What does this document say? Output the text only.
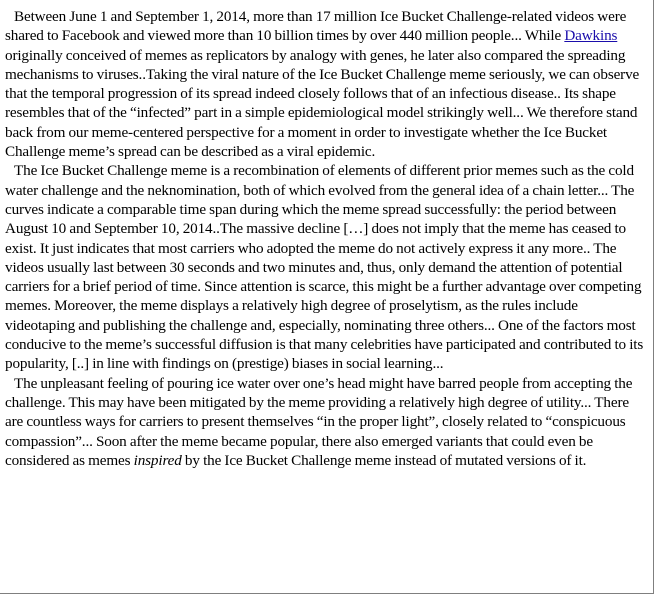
Between June 1 and September 1, 2014, more than 17 million Ice Bucket Challenge-related videos were shared to Facebook and viewed more than 10 billion times by over 440 million people... While Dawkins originally conceived of memes as replicators by analogy with genes, he later also compared the spreading mechanisms to viruses..Taking the viral nature of the Ice Bucket Challenge meme seriously, we can observe that the temporal progression of its spread indeed closely follows that of an infectious disease.. Its shape resembles that of the “infected” part in a simple epidemiological model strikingly well... We therefore stand back from our meme-centered perspective for a moment in order to investigate whether the Ice Bucket Challenge meme’s spread can be described as a viral epidemic.

The Ice Bucket Challenge meme is a recombination of elements of different prior memes such as the cold water challenge and the neknomination, both of which evolved from the general idea of a chain letter... The curves indicate a comparable time span during which the meme spread successfully: the period between August 10 and September 10, 2014..The massive decline […] does not imply that the meme has ceased to exist. It just indicates that most carriers who adopted the meme do not actively express it any more.. The videos usually last between 30 seconds and two minutes and, thus, only demand the attention of potential carriers for a brief period of time. Since attention is scarce, this might be a further advantage over competing memes. Moreover, the meme displays a relatively high degree of proselytism, as the rules include videotaping and publishing the challenge and, especially, nominating three others... One of the factors most conducive to the meme’s successful diffusion is that many celebrities have participated and contributed to its popularity, [..] in line with findings on (prestige) biases in social learning...

The unpleasant feeling of pouring ice water over one’s head might have barred people from accepting the challenge. This may have been mitigated by the meme providing a relatively high degree of utility... There are countless ways for carriers to present themselves “in the proper light”, closely related to “conspicuous compassion”... Soon after the meme became popular, there also emerged variants that could even be considered as memes inspired by the Ice Bucket Challenge meme instead of mutated versions of it.
